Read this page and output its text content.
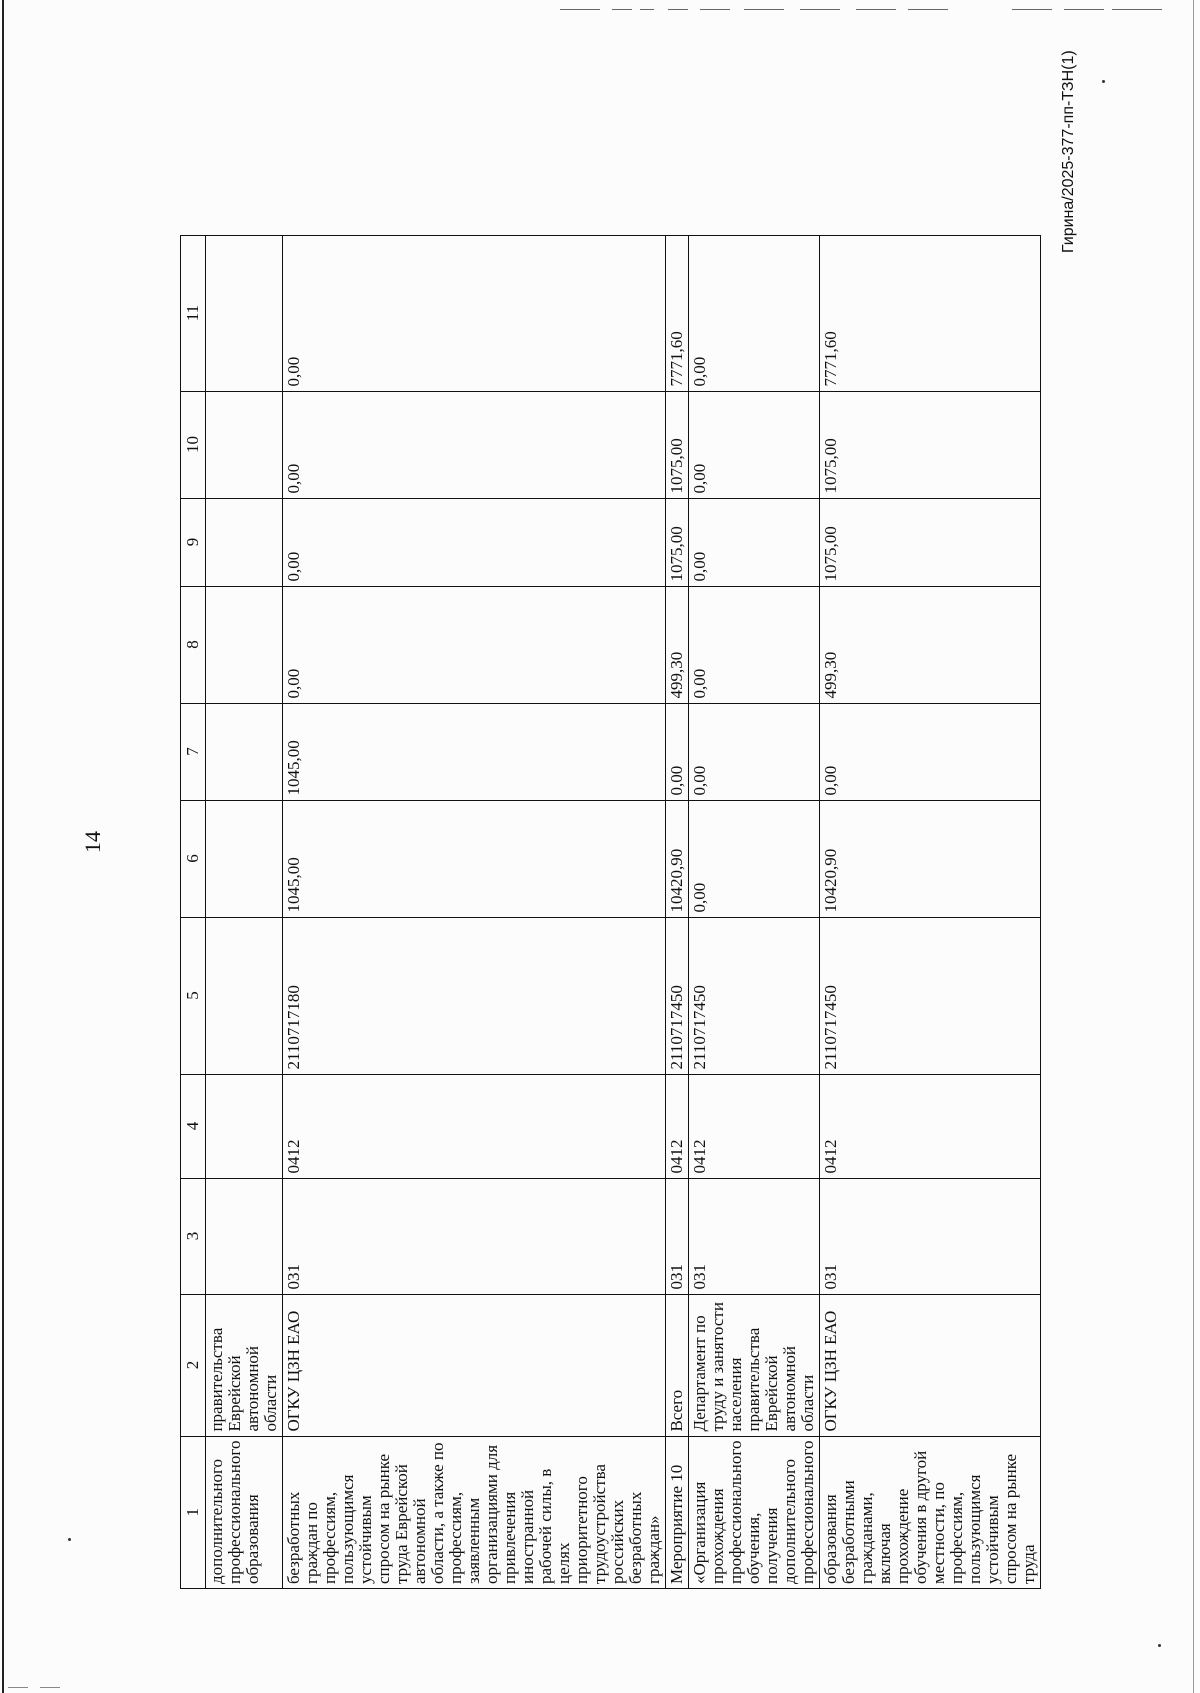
14
1	2	3	4	5	6	7	8	9	10	11
дополнительного профессионального образования	правительства Еврейской автономной области									
безработных граждан по профессиям, пользующимся устойчивым спросом на рынке труда Еврейской автономной области, а также по профессиям, заявленным организациями для привлечения иностранной рабочей силы, в целях приоритетного трудоустройства российских безработных граждан»	ОГКУ ЦЗН ЕАО	031	0412	2110717180	1045,00	1045,00	0,00	0,00	0,00	0,00
Мероприятие 10	Всего	031	0412	2110717450	10420,90	0,00	499,30	1075,00	1075,00	7771,60
«Организация прохождения профессионального обучения, получения дополнительного профессионального	Департамент по труду и занятости населения правительства Еврейской автономной области	031	0412	2110717450	0,00	0,00	0,00	0,00	0,00	0,00
образования безработными гражданами, включая прохождение обучения в другой местности, по профессиям, пользующимся устойчивым спросом на рынке труда	ОГКУ ЦЗН ЕАО	031	0412	2110717450	10420,90	0,00	499,30	1075,00	1075,00	7771,60
Гирина/2025-377-пп-ТЗН(1)
